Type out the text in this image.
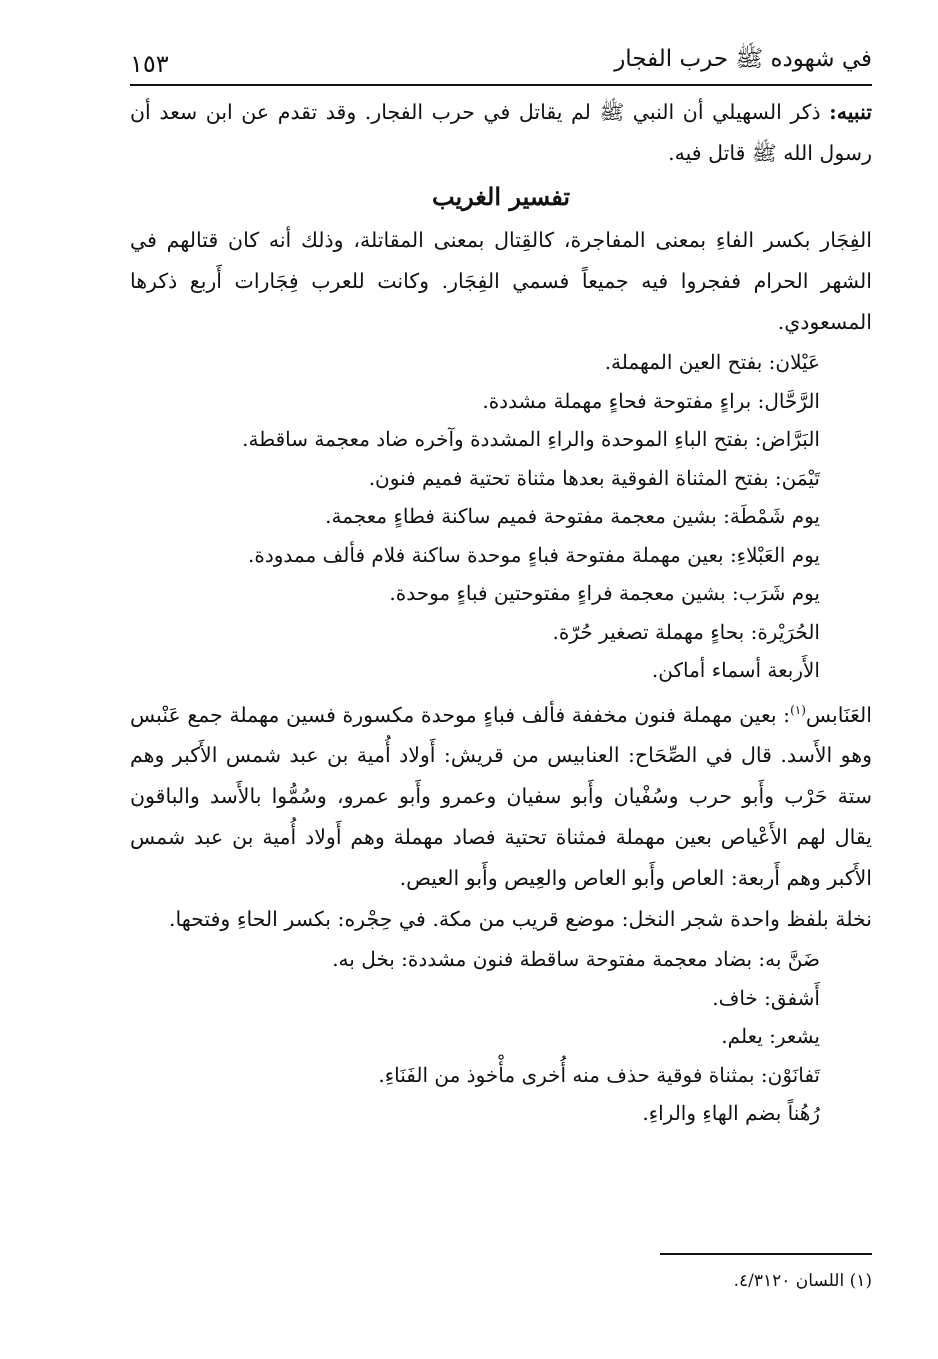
في شهوده ﷺ حرب الفجار
١٥٣

تنبيه: ذكر السهيلي أن النبي ﷺ لم يقاتل في حرب الفجار. وقد تقدم عن ابن سعد أن رسول الله ﷺ قاتل فيه.

تفسير الغريب

الفِجَار بكسر الفاءِ بمعنى المفاجرة، كالقِتال بمعنى المقاتلة، وذلك أنه كان قتالهم في الشهر الحرام ففجروا فيه جميعاً فسمي الفِجَار. وكانت للعرب فِجَارات أَربع ذكرها المسعودي.

عَيْلان: بفتح العين المهملة.

الرَّحَّال: براءٍ مفتوحة فحاءٍ مهملة مشددة.

البَرَّاض: بفتح الباءِ الموحدة والراءِ المشددة وآخره ضاد معجمة ساقطة.

تَيْمَن: بفتح المثناة الفوقية بعدها مثناة تحتية فميم فنون.

يوم شَمْطَة: بشين معجمة مفتوحة فميم ساكنة فطاءٍ معجمة.

يوم العَبْلاءِ: بعين مهملة مفتوحة فباءٍ موحدة ساكنة فلام فألف ممدودة.

يوم شَرَب: بشين معجمة فراءٍ مفتوحتين فباءٍ موحدة.

الحُرَيْرة: بحاءٍ مهملة تصغير حُرّة.

الأَربعة أسماء أماكن.

العَنَابس$^{(١)}$: بعين مهملة فنون مخففة فألف فباءٍ موحدة مكسورة فسين مهملة جمع عَنْبس وهو الأَسد. قال في الصِّحَاح: العنابيس من قريش: أَولاد أُمية بن عبد شمس الأَكبر وهم ستة حَرْب وأَبو حرب وسُفْيان وأَبو سفيان وعمرو وأَبو عمرو، وسُمُّوا بالأَسد والباقون يقال لهم الأَعْياص بعين مهملة فمثناة تحتية فصاد مهملة وهم أَولاد أُمية بن عبد شمس الأَكبر وهم أَربعة: العاص وأَبو العاص والعِيص وأَبو العيص.

نخلة بلفظ واحدة شجر النخل: موضع قريب من مكة. في حِجْره: بكسر الحاءِ وفتحها.

ضَنَّ به: بضاد معجمة مفتوحة ساقطة فنون مشددة: بخل به.

أَشفق: خاف.

يشعر: يعلم.

تَفانَوْن: بمثناة فوقية حذف منه أُخرى مأْخوذ من الفَنَاءِ.

رُهُناً بضم الهاءِ والراءِ.

(١) اللسان ٤/٣١٢٠.
